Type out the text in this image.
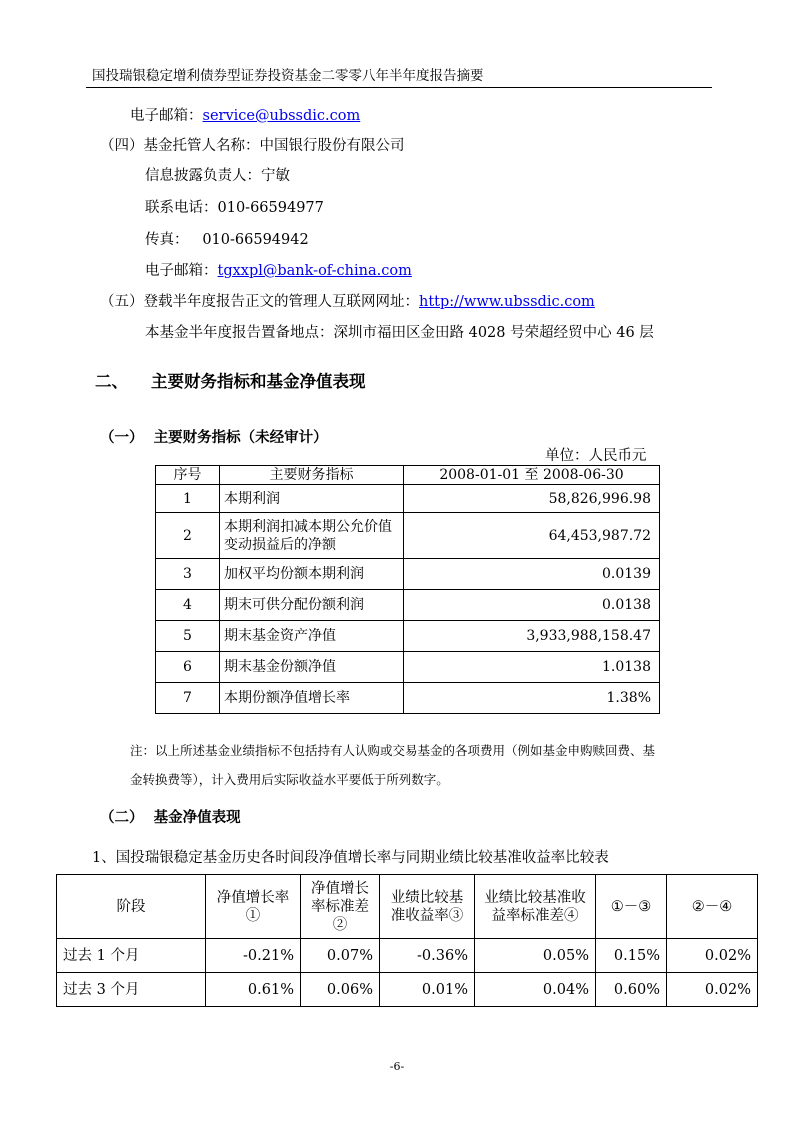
国投瑞银稳定增利债券型证券投资基金二零零八年半年度报告摘要
电子邮箱：service@ubssdic.com
（四）基金托管人名称：中国银行股份有限公司
信息披露负责人：宁敏
联系电话：010-66594977
传真：   010-66594942
电子邮箱：tgxxpl@bank-of-china.com
（五）登载半年度报告正文的管理人互联网网址：http://www.ubssdic.com
本基金半年度报告置备地点：深圳市福田区金田路 4028 号荣超经贸中心 46 层
二、    主要财务指标和基金净值表现
（一）  主要财务指标（未经审计）
单位：人民币元
序号	主要财务指标	2008-01-01 至 2008-06-30
1	本期利润	58,826,996.98
2	本期利润扣减本期公允价值变动损益后的净额	64,453,987.72
3	加权平均份额本期利润	0.0139
4	期末可供分配份额利润	0.0138
5	期末基金资产净值	3,933,988,158.47
6	期末基金份额净值	1.0138
7	本期份额净值增长率	1.38%
注：以上所述基金业绩指标不包括持有人认购或交易基金的各项费用（例如基金申购赎回费、基
金转换费等），计入费用后实际收益水平要低于所列数字。
（二）  基金净值表现
1、国投瑞银稳定基金历史各时间段净值增长率与同期业绩比较基准收益率比较表
阶段	净值增长率①	净值增长率标准差②	业绩比较基准收益率③	业绩比较基准收益率标准差④	①－③	②－④
过去 1 个月	-0.21%	0.07%	-0.36%	0.05%	0.15%	0.02%
过去 3 个月	0.61%	0.06%	0.01%	0.04%	0.60%	0.02%
-6-
